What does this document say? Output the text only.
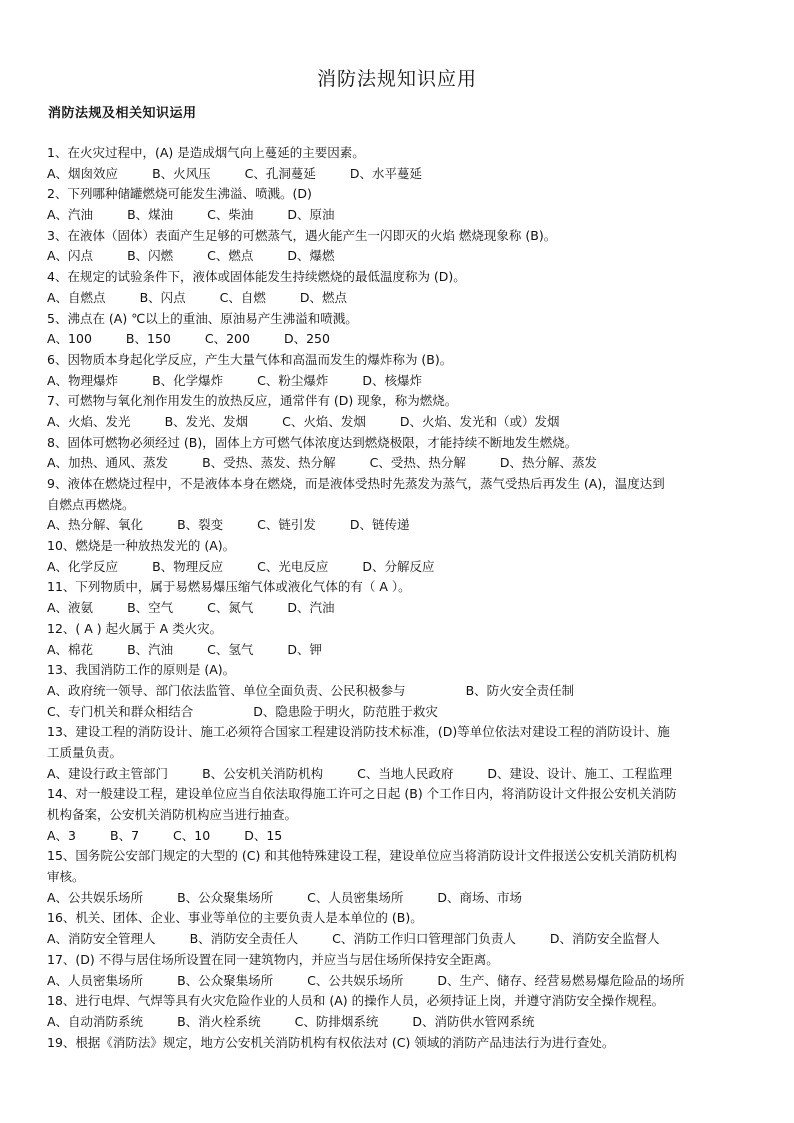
消防法规知识应用
消防法规及相关知识运用
1、在火灾过程中，(A) 是造成烟气向上蔓延的主要因素。
A、烟囱效应	B、火风压	C、孔洞蔓延	D、水平蔓延
2、下列哪种储罐燃烧可能发生沸溢、喷溅。(D)
A、汽油	B、煤油	C、柴油	D、原油
3、在液体（固体）表面产生足够的可燃蒸气，遇火能产生一闪即灭的火焰 燃烧现象称 (B)。
A、闪点	B、闪燃	C、燃点	D、爆燃
4、在规定的试验条件下，液体或固体能发生持续燃烧的最低温度称为 (D)。
A、自燃点	B、闪点	C、自燃	D、燃点
5、沸点在 (A) ℃以上的重油、原油易产生沸溢和喷溅。
A、100	B、150	C、200	D、250
6、因物质本身起化学反应，产生大量气体和高温而发生的爆炸称为 (B)。
A、物理爆炸	B、化学爆炸	C、粉尘爆炸	D、核爆炸
7、可燃物与氧化剂作用发生的放热反应，通常伴有 (D) 现象，称为燃烧。
A、火焰、发光	B、发光、发烟	C、火焰、发烟	D、火焰、发光和（或）发烟
8、固体可燃物必须经过 (B)，固体上方可燃气体浓度达到燃烧极限，才能持续不断地发生燃烧。
A、加热、通风、蒸发	B、受热、蒸发、热分解	C、受热、热分解	D、热分解、蒸发
9、液体在燃烧过程中，不是液体本身在燃烧，而是液体受热时先蒸发为蒸气，蒸气受热后再发生 (A)，温度达到
自燃点再燃烧。
A、热分解、氧化	B、裂变	C、链引发	D、链传递
10、燃烧是一种放热发光的 (A)。
A、化学反应	B、物理反应	C、光电反应	D、分解反应
11、下列物质中，属于易燃易爆压缩气体或液化气体的有（ A ）。
A、液氨	B、空气	C、氮气	D、汽油
12、( A ) 起火属于 A 类火灾。
A、棉花	B、汽油	C、氢气	D、钾
13、我国消防工作的原则是 (A)。
A、政府统一领导、部门依法监管、单位全面负责、公民积极参与	B、防火安全责任制
C、专门机关和群众相结合	D、隐患险于明火，防范胜于救灾
13、建设工程的消防设计、施工必须符合国家工程建设消防技术标准，(D)等单位依法对建设工程的消防设计、施
工质量负责。
A、建设行政主管部门	B、公安机关消防机构	C、当地人民政府	D、建设、设计、施工、工程监理
14、对一般建设工程，建设单位应当自依法取得施工许可之日起 (B) 个工作日内，将消防设计文件报公安机关消防
机构备案，公安机关消防机构应当进行抽查。
A、3	B、7	C、10	D、15
15、国务院公安部门规定的大型的 (C) 和其他特殊建设工程，建设单位应当将消防设计文件报送公安机关消防机构
审核。
A、公共娱乐场所	B、公众聚集场所	C、人员密集场所	D、商场、市场
16、机关、团体、企业、事业等单位的主要负责人是本单位的 (B)。
A、消防安全管理人	B、消防安全责任人	C、消防工作归口管理部门负责人	D、消防安全监督人
17、(D) 不得与居住场所设置在同一建筑物内，并应当与居住场所保持安全距离。
A、人员密集场所	B、公众聚集场所	C、公共娱乐场所	D、生产、储存、经营易燃易爆危险品的场所
18、进行电焊、气焊等具有火灾危险作业的人员和 (A) 的操作人员，必须持证上岗，并遵守消防安全操作规程。
A、自动消防系统	B、消火栓系统	C、防排烟系统	D、消防供水管网系统
19、根据《消防法》规定，地方公安机关消防机构有权依法对 (C) 领域的消防产品违法行为进行查处。
